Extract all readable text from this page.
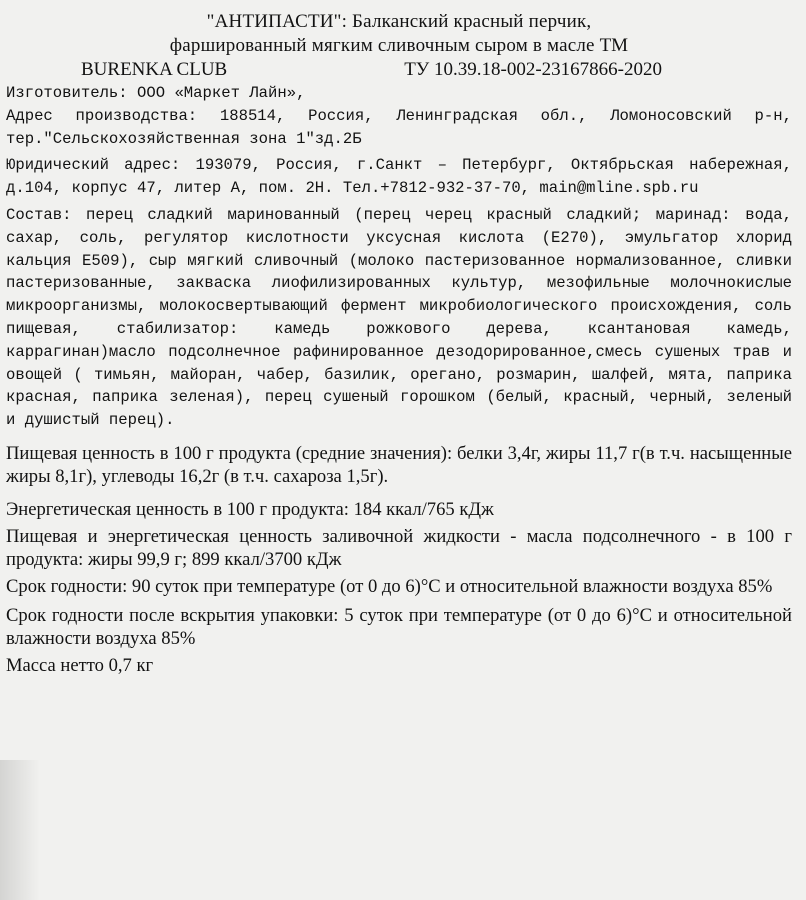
"АНТИПАСТИ": Балканский красный перчик,

фаршированный мягким сливочным сыром в масле ТМ

BURENKA CLUB	ТУ 10.39.18-002-23167866-2020

Изготовитель: ООО «Маркет Лайн»,

Адрес производства: 188514, Россия, Ленинградская обл., Ломоносовский р-н, тер."Сельскохозяйственная зона 1"зд.2Б

Юридический адрес: 193079, Россия, г.Санкт – Петербург, Октябрьская набережная, д.104, корпус 47, литер А, пом. 2Н. Тел.+7812-932-37-70, main@mline.spb.ru

Состав: перец сладкий маринованный (перец черец красный сладкий; маринад: вода, сахар, соль, регулятор кислотности уксусная кислота (Е270), эмульгатор хлорид кальция Е509), сыр мягкий сливочный (молоко пастеризованное нормализованное, сливки пастеризованные, закваска лиофилизированных культур, мезофильные молочнокислые микроорганизмы, молокосвертывающий фермент микробиологического происхождения, соль пищевая, стабилизатор: камедь рожкового дерева, ксантановая камедь, каррагинан)масло подсолнечное рафинированное дезодорированное,смесь сушеных трав и овощей ( тимьян, майоран, чабер, базилик, орегано, розмарин, шалфей, мята, паприка красная, паприка зеленая), перец сушеный горошком (белый, красный, черный, зеленый и душистый перец).

Пищевая ценность в 100 г продукта (средние значения): белки 3,4г, жиры 11,7 г(в т.ч. насыщенные жиры 8,1г), углеводы 16,2г (в т.ч. сахароза 1,5г).

Энергетическая ценность в 100 г продукта: 184 ккал/765 кДж

Пищевая и энергетическая ценность заливочной жидкости - масла подсолнечного - в 100 г продукта: жиры 99,9 г; 899 ккал/3700 кДж

Срок годности: 90 суток при температуре (от 0 до 6)°С и относительной влажности воздуха 85%

Срок годности после вскрытия упаковки: 5 суток при температуре (от 0 до 6)°С и относительной влажности воздуха 85%

Масса нетто 0,7 кг
